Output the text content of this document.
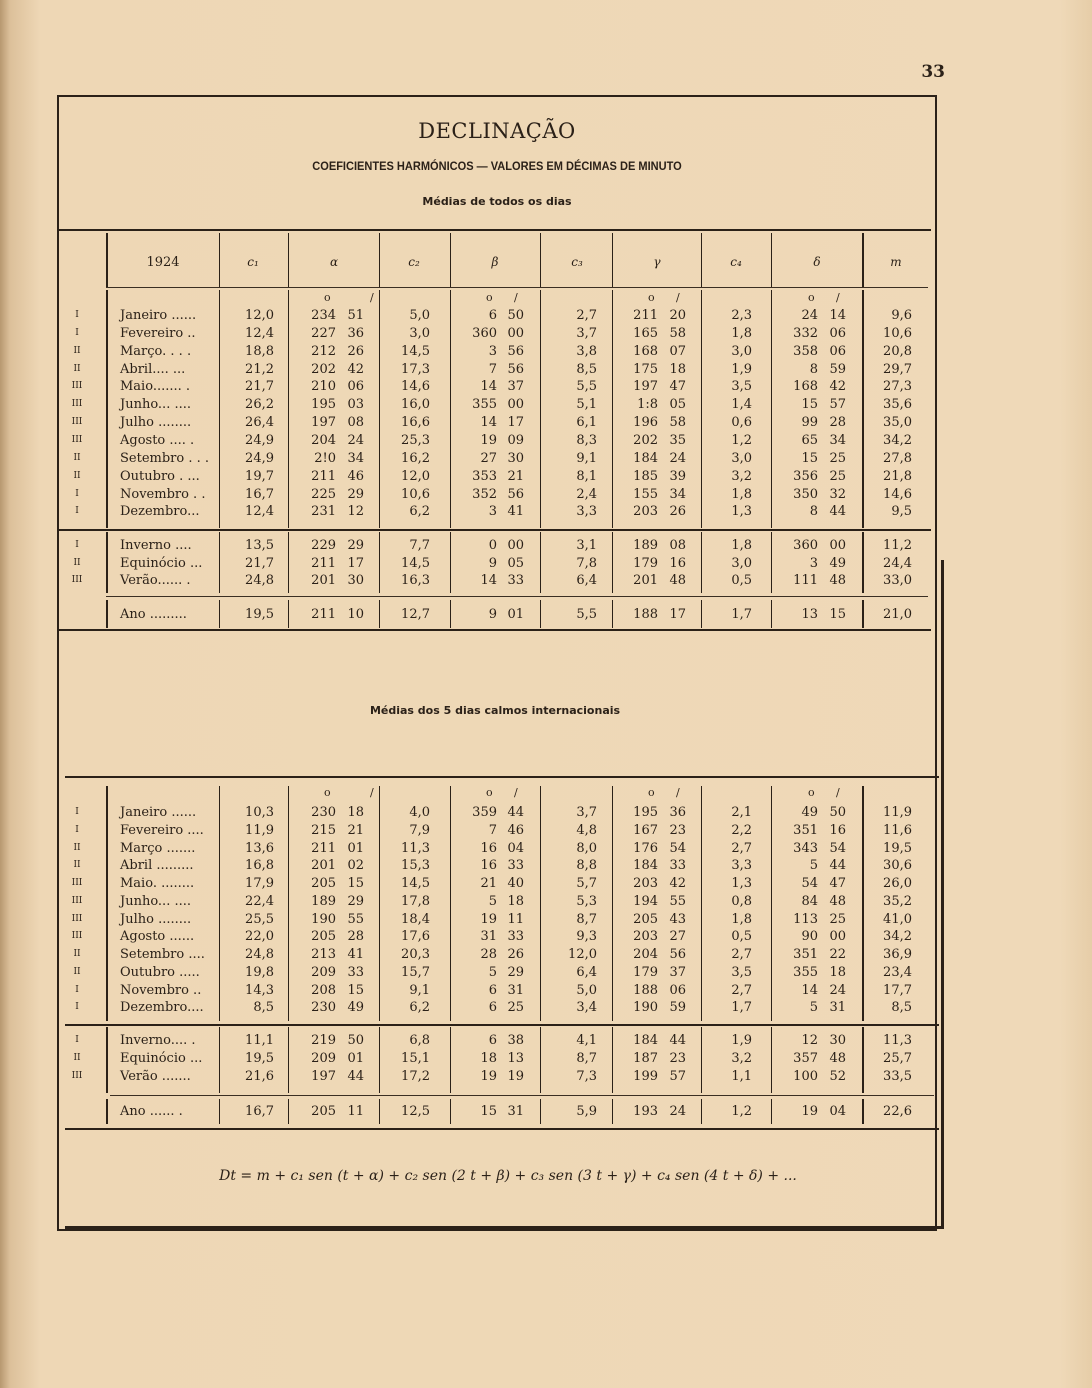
33
DECLINAÇÃO
COEFICIENTES HARMÓNICOS — VALORES EM DÉCIMAS DE MINUTO
Médias de todos os dias
1924	c₁	α	c₂	β	c₃	γ	c₄	δ	m
o	/	o /	o /	o /
I	Janeiro ......	12,0	234 51	5,0	6 50	2,7	211 20	2,3	24 14	9,6
I	Fevereiro ..	12,4	227 36	3,0	360 00	3,7	165 58	1,8	332 06	10,6
II	Março. . . .	18,8	212 26	14,5	3 56	3,8	168 07	3,0	358 06	20,8
II	Abril.... ...	21,2	202 42	17,3	7 56	8,5	175 18	1,9	8 59	29,7
III	Maio....... .	21,7	210 06	14,6	14 37	5,5	197 47	3,5	168 42	27,3
III	Junho... ....	26,2	195 03	16,0	355 00	5,1	1:8 05	1,4	15 57	35,6
III	Julho ........	26,4	197 08	16,6	14 17	6,1	196 58	0,6	99 28	35,0
III	Agosto .... .	24,9	204 24	25,3	19 09	8,3	202 35	1,2	65 34	34,2
II	Setembro . . .	24,9	2!0 34	16,2	27 30	9,1	184 24	3,0	15 25	27,8
II	Outubro . ...	19,7	211 46	12,0	353 21	8,1	185 39	3,2	356 25	21,8
I	Novembro . .	16,7	225 29	10,6	352 56	2,4	155 34	1,8	350 32	14,6
I	Dezembro...	12,4	231 12	6,2	3 41	3,3	203 26	1,3	8 44	9,5
I	Inverno ....	13,5	229 29	7,7	0 00	3,1	189 08	1,8	360 00	11,2
II	Equinócio ...	21,7	211 17	14,5	9 05	7,8	179 16	3,0	3 49	24,4
III	Verão...... .	24,8	201 30	16,3	14 33	6,4	201 48	0,5	111 48	33,0
Ano .........	19,5	211 10	12,7	9 01	5,5	188 17	1,7	13 15	21,0
o	/	o /	o /	o /
I	Janeiro ......	10,3	230 18	4,0	359 44	3,7	195 36	2,1	49 50	11,9
I	Fevereiro ....	11,9	215 21	7,9	7 46	4,8	167 23	2,2	351 16	11,6
II	Março .......	13,6	211 01	11,3	16 04	8,0	176 54	2,7	343 54	19,5
II	Abril .........	16,8	201 02	15,3	16 33	8,8	184 33	3,3	5 44	30,6
III	Maio. ........	17,9	205 15	14,5	21 40	5,7	203 42	1,3	54 47	26,0
III	Junho... ....	22,4	189 29	17,8	5 18	5,3	194 55	0,8	84 48	35,2
III	Julho ........	25,5	190 55	18,4	19 11	8,7	205 43	1,8	113 25	41,0
III	Agosto ......	22,0	205 28	17,6	31 33	9,3	203 27	0,5	90 00	34,2
II	Setembro ....	24,8	213 41	20,3	28 26	12,0	204 56	2,7	351 22	36,9
II	Outubro .....	19,8	209 33	15,7	5 29	6,4	179 37	3,5	355 18	23,4
I	Novembro ..	14,3	208 15	9,1	6 31	5,0	188 06	2,7	14 24	17,7
I	Dezembro....	8,5	230 49	6,2	6 25	3,4	190 59	1,7	5 31	8,5
I	Inverno.... .	11,1	219 50	6,8	6 38	4,1	184 44	1,9	12 30	11,3
II	Equinócio ...	19,5	209 01	15,1	18 13	8,7	187 23	3,2	357 48	25,7
III	Verão .......	21,6	197 44	17,2	19 19	7,3	199 57	1,1	100 52	33,5
Ano ...... .	16,7	205 11	12,5	15 31	5,9	193 24	1,2	19 04	22,6
Médias dos 5 dias calmos internacionais
Dt = m + c₁ sen (t + α) + c₂ sen (2 t + β) + c₃ sen (3 t + γ) + c₄ sen (4 t + δ) + ...
